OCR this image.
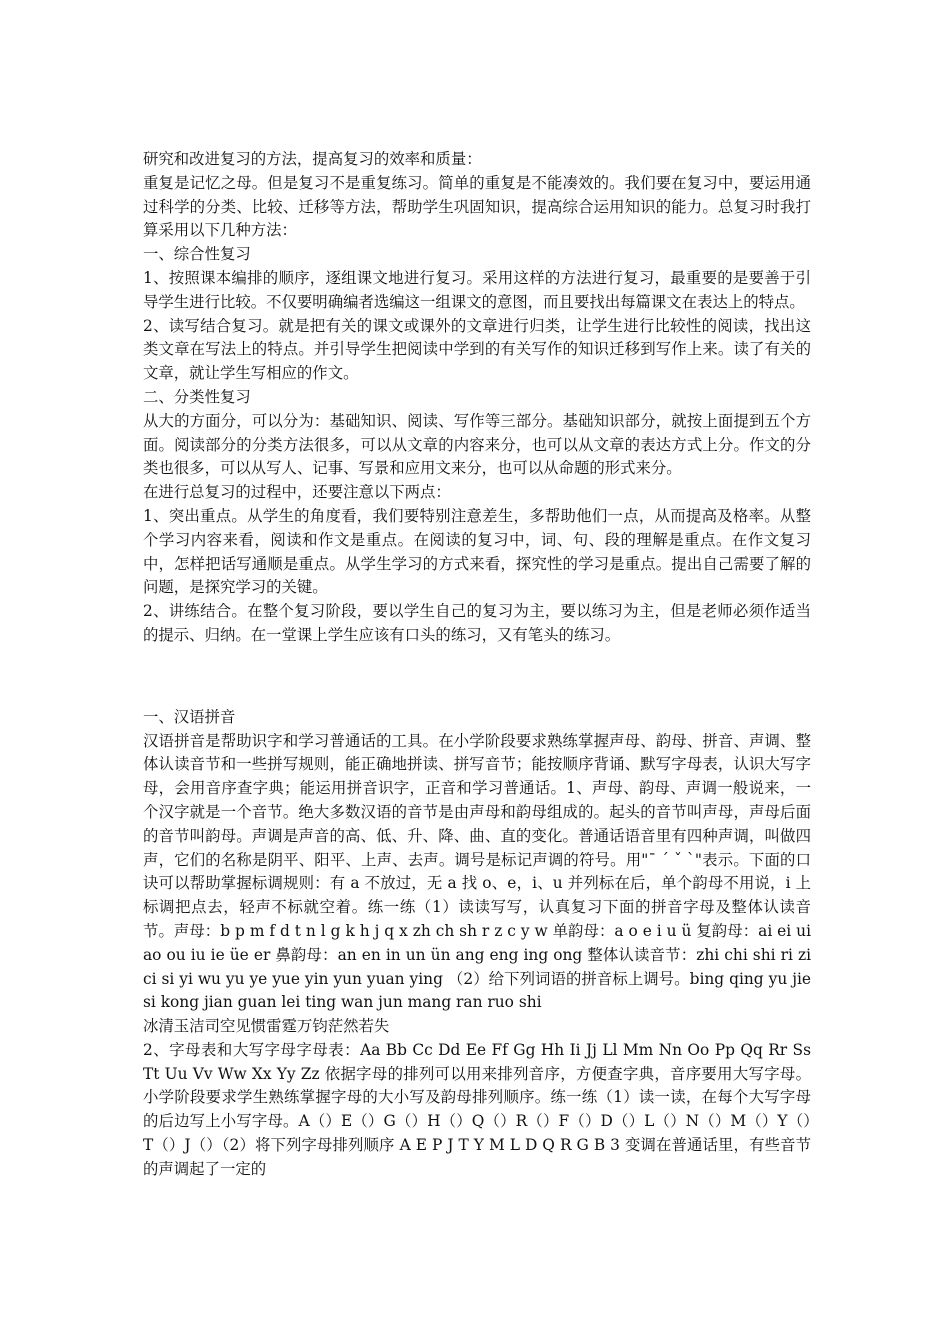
研究和改进复习的方法，提高复习的效率和质量：

重复是记忆之母。但是复习不是重复练习。简单的重复是不能凑效的。我们要在复习中，要运用通过科学的分类、比较、迁移等方法，帮助学生巩固知识，提高综合运用知识的能力。总复习时我打算采用以下几种方法：

一、综合性复习

1、按照课本编排的顺序，逐组课文地进行复习。采用这样的方法进行复习，最重要的是要善于引导学生进行比较。不仅要明确编者选编这一组课文的意图，而且要找出每篇课文在表达上的特点。

2、读写结合复习。就是把有关的课文或课外的文章进行归类，让学生进行比较性的阅读，找出这类文章在写法上的特点。并引导学生把阅读中学到的有关写作的知识迁移到写作上来。读了有关的文章，就让学生写相应的作文。

二、分类性复习

从大的方面分，可以分为：基础知识、阅读、写作等三部分。基础知识部分，就按上面提到五个方面。阅读部分的分类方法很多，可以从文章的内容来分，也可以从文章的表达方式上分。作文的分类也很多，可以从写人、记事、写景和应用文来分，也可以从命题的形式来分。

在进行总复习的过程中，还要注意以下两点：

1、突出重点。从学生的角度看，我们要特别注意差生，多帮助他们一点，从而提高及格率。从整个学习内容来看，阅读和作文是重点。在阅读的复习中，词、句、段的理解是重点。在作文复习中，怎样把话写通顺是重点。从学生学习的方式来看，探究性的学习是重点。提出自己需要了解的问题，是探究学习的关键。

2、讲练结合。在整个复习阶段，要以学生自己的复习为主，要以练习为主，但是老师必须作适当的提示、归纳。在一堂课上学生应该有口头的练习，又有笔头的练习。

一、汉语拼音

汉语拼音是帮助识字和学习普通话的工具。在小学阶段要求熟练掌握声母、韵母、拼音、声调、整体认读音节和一些拼写规则，能正确地拼读、拼写音节；能按顺序背诵、默写字母表，认识大写字母，会用音序查字典；能运用拼音识字，正音和学习普通话。1、声母、韵母、声调一般说来，一个汉字就是一个音节。绝大多数汉语的音节是由声母和韵母组成的。起头的音节叫声母，声母后面的音节叫韵母。声调是声音的高、低、升、降、曲、直的变化。普通话语音里有四种声调，叫做四声，它们的名称是阴平、阳平、上声、去声。调号是标记声调的符号。用"ˉ ˊ ˇ ˋ"表示。下面的口诀可以帮助掌握标调规则：有 a 不放过，无 a 找 o、e，i、u 并列标在后，单个韵母不用说，i 上标调把点去，轻声不标就空着。练一练（1）读读写写，认真复习下面的拼音字母及整体认读音节。声母：b p m f d t n l g k h j q x zh ch sh r z c y w 单韵母：a o e i u ü 复韵母：ai ei ui ao ou iu ie üe er 鼻韵母：an en in un ün ang eng ing ong 整体认读音节：zhi chi shi ri zi ci si yi wu yu ye yue yin yun yuan ying （2）给下列词语的拼音标上调号。bing qing yu jie si kong jian guan lei ting wan jun mang ran ruo shi

冰清玉洁司空见惯雷霆万钧茫然若失

2、字母表和大写字母字母表：Aa Bb Cc Dd Ee Ff Gg Hh Ii Jj Ll Mm Nn Oo Pp Qq Rr Ss Tt Uu Vv Ww Xx Yy Zz 依据字母的排列可以用来排列音序，方便查字典，音序要用大写字母。小学阶段要求学生熟练掌握字母的大小写及韵母排列顺序。练一练（1）读一读，在每个大写字母的后边写上小写字母。A（）E（）G（）H（）Q（）R（）F（）D（）L（）N（）M（）Y（）T（）J（）（2）将下列字母排列顺序 A E P J T Y M L D Q R G B 3 变调在普通话里，有些音节的声调起了一定的
